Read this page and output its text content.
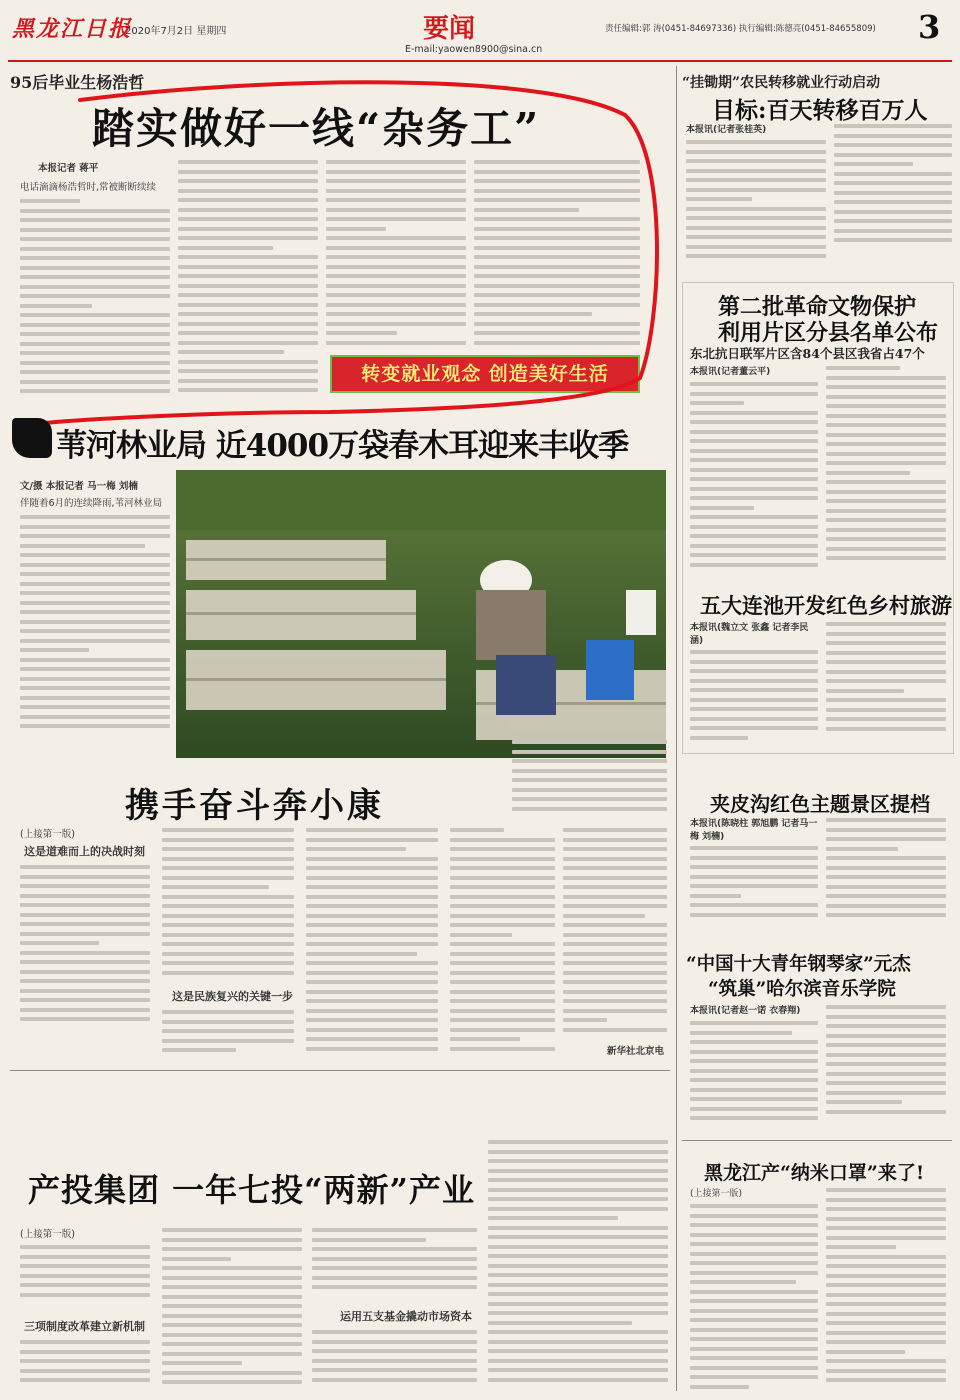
黑龙江日报
2020年7月2日 星期四	要闻
E-mail:yaowen8900@sina.cn
责任编辑:郭 涛(0451-84697336) 执行编辑:陈德亮(0451-84655809) 3
95后毕业生杨浩哲
踏实做好一线“杂务工”
本报记者 蒋平
电话滴滴杨浩哲时,常被断断续续
转变就业观念 创造美好生活
苇河林业局 近4000万袋春木耳迎来丰收季
文/摄 本报记者 马一梅 刘楠
伴随着6月的连续降雨,苇河林业局
携手奋斗奔小康
(上接第一版)
这是道难而上的决战时刻
这是民族复兴的关键一步
新华社北京电
产投集团 一年七投“两新”产业
(上接第一版)
三项制度改革建立新机制
运用五支基金撬动市场资本
“挂锄期”农民转移就业行动启动
目标:百天转移百万人
本报讯(记者张桂英)
第二批革命文物保护
利用片区分县名单公布
东北抗日联军片区含84个县区我省占47个
本报讯(记者董云平)
五大连池开发红色乡村旅游
本报讯(魏立文 张鑫 记者李民涵)
夹皮沟红色主题景区提档
本报讯(陈晓柱 郭旭鹏 记者马一梅 刘楠)
“中国十大青年钢琴家”元杰
“筑巢”哈尔滨音乐学院
本报讯(记者赵一诺 衣春翔)
黑龙江产“纳米口罩”来了!
(上接第一版)
